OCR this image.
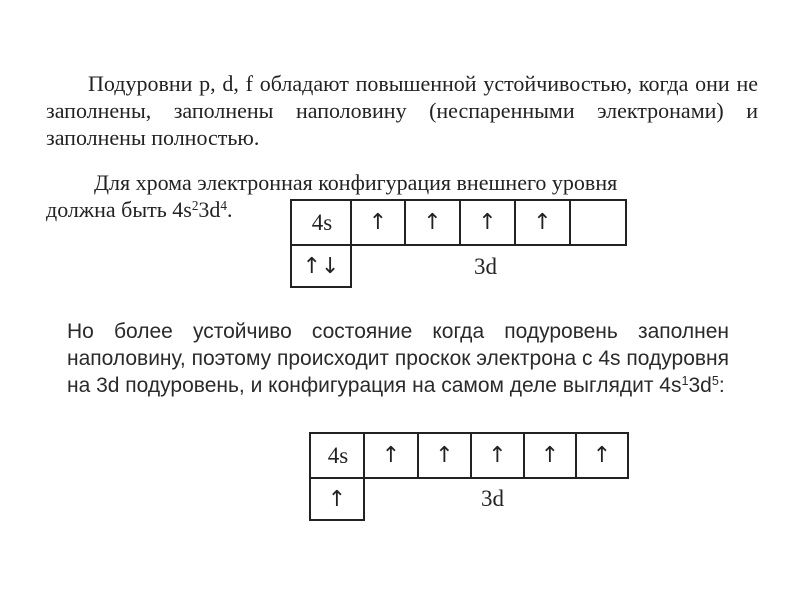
Подуровни p, d, f обладают повышенной устойчивостью, когда они не заполнены, заполнены наполовину (неспаренными электронами) и заполнены полностью.

Для хрома электронная конфигурация внешнего уровня
должна быть $4s^23d^4$.	4s	↑	↑	↑	↑
↑↓	3d

Но более устойчиво состояние когда подуровень заполнен наполовину, поэтому происходит проскок электрона с 4s подуровня на 3d подуровень, и конфигурация на самом деле выглядит $4s^13d^5$:

4s	↑	↑	↑	↑	↑
↑	3d
